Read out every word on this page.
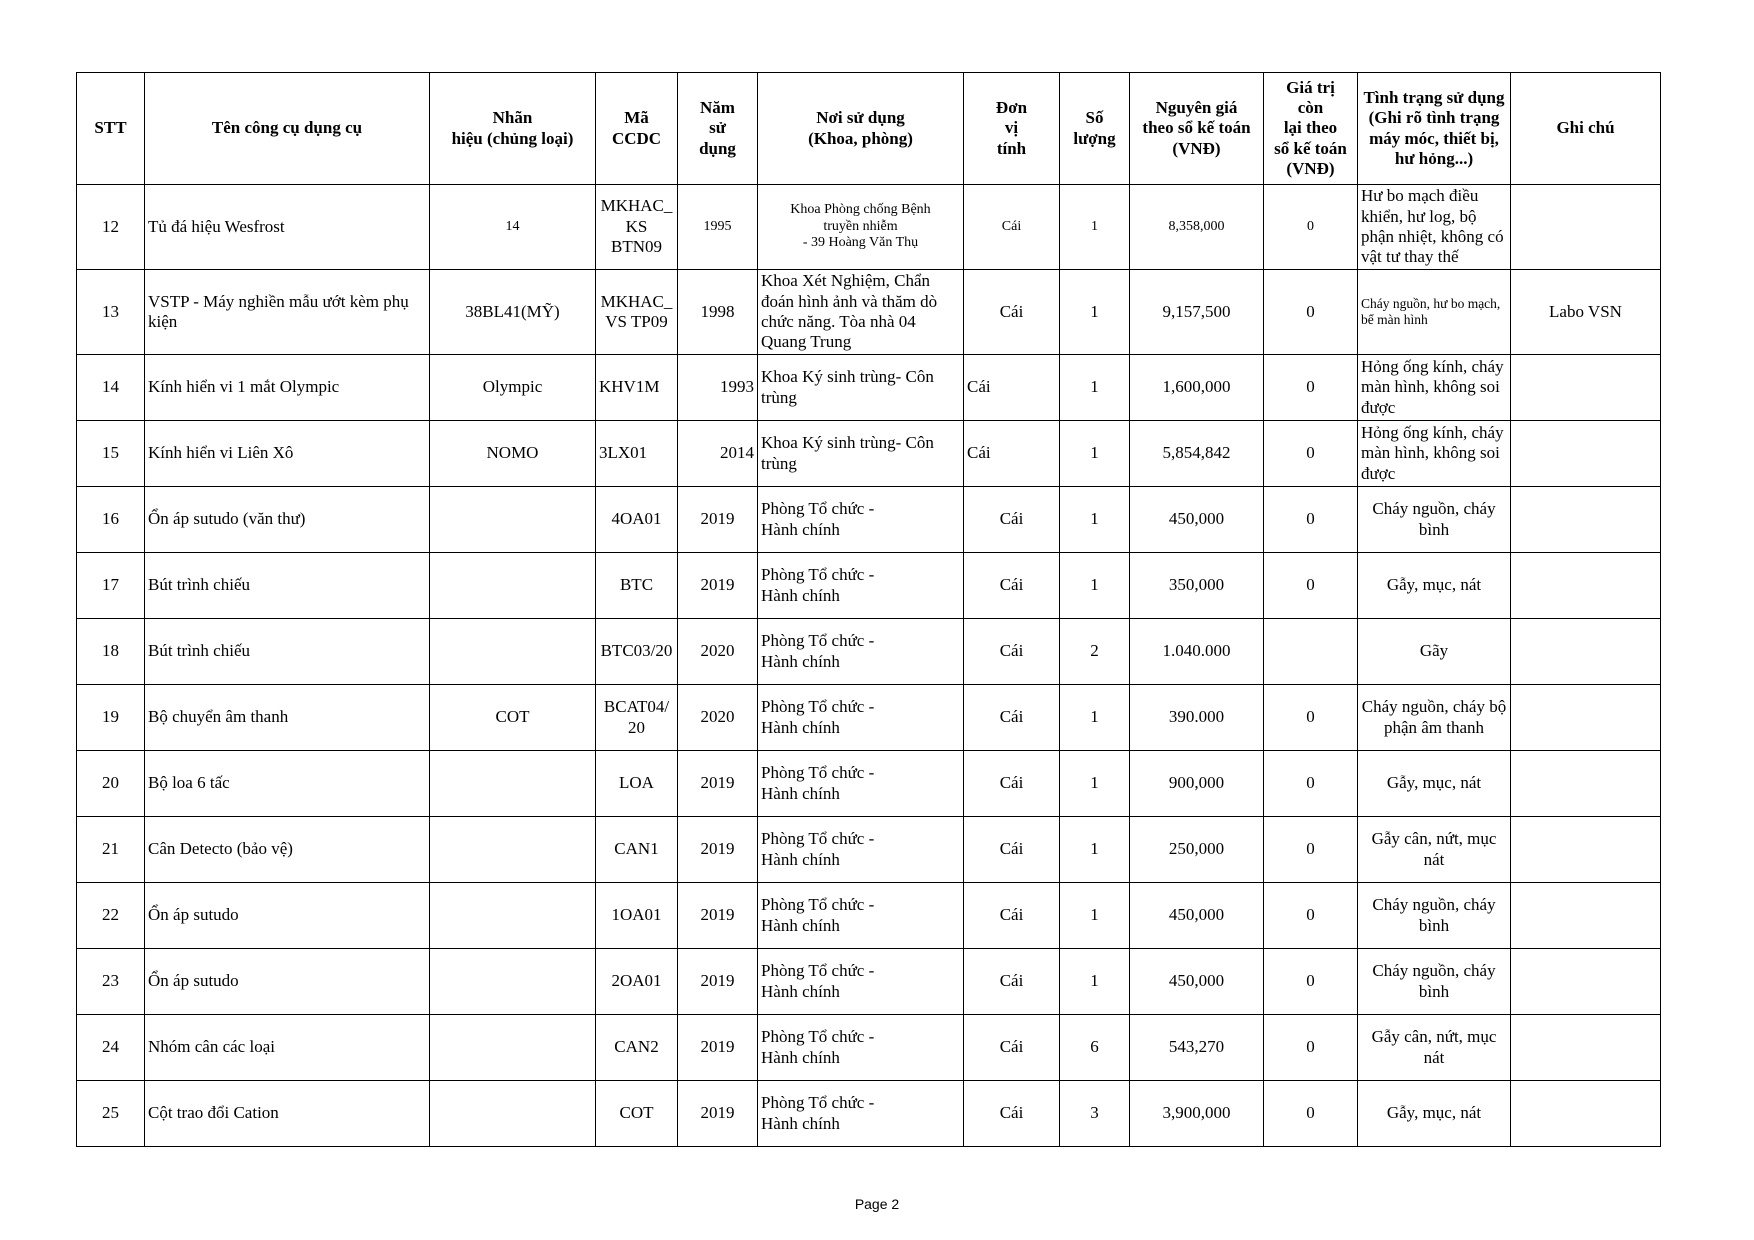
STT	Tên công cụ dụng cụ	Nhãn
hiệu (chủng loại)	Mã
CCDC	Năm
sử
dụng	Nơi sử dụng
(Khoa, phòng)	Đơn
vị
tính	Số
lượng	Nguyên giá
theo sổ kế toán
(VNĐ)	Giá trị
còn
lại theo
sổ kế toán
(VNĐ)	Tình trạng sử dụng
(Ghi rõ tình trạng
máy móc, thiết bị,
hư hỏng...)	Ghi chú
12	Tủ đá hiệu Wesfrost	14	MKHAC_
KS BTN09	1995	Khoa Phòng chống Bệnh
truyền nhiễm
- 39 Hoàng Văn Thụ	Cái	1	8,358,000	0	Hư bo mạch điều khiển, hư log, bộ phận nhiệt, không có vật tư thay thế	
13	VSTP - Máy nghiền mẫu ướt kèm phụ kiện	38BL41(MỸ)	MKHAC_
VS TP09	1998	Khoa Xét Nghiệm, Chẩn đoán hình ảnh và thăm dò chức năng. Tòa nhà 04 Quang Trung	Cái	1	9,157,500	0	Cháy nguồn, hư bo mạch, bể màn hình	Labo VSN
14	Kính hiển vi 1 mắt Olympic	Olympic	KHV1M	1993	Khoa Ký sinh trùng- Côn trùng	Cái	1	1,600,000	0	Hỏng ống kính, cháy màn hình, không soi được	
15	Kính hiển vi Liên Xô	NOMO	3LX01	2014	Khoa Ký sinh trùng- Côn trùng	Cái	1	5,854,842	0	Hỏng ống kính, cháy màn hình, không soi được	
16	Ổn áp sutudo (văn thư)		4OA01	2019	Phòng Tổ chức -
Hành chính	Cái	1	450,000	0	Cháy nguồn, cháy bình	
17	Bút trình chiếu		BTC	2019	Phòng Tổ chức -
Hành chính	Cái	1	350,000	0	Gẫy, mục, nát	
18	Bút trình chiếu		BTC03/20	2020	Phòng Tổ chức -
Hành chính	Cái	2	1.040.000		Gãy	
19	Bộ chuyển âm thanh	COT	BCAT04/
20	2020	Phòng Tổ chức -
Hành chính	Cái	1	390.000	0	Cháy nguồn, cháy bộ phận âm thanh	
20	Bộ loa 6 tấc		LOA	2019	Phòng Tổ chức -
Hành chính	Cái	1	900,000	0	Gẫy, mục, nát	
21	Cân Detecto (bảo vệ)		CAN1	2019	Phòng Tổ chức -
Hành chính	Cái	1	250,000	0	Gẫy cân, nứt, mục nát	
22	Ổn áp sutudo		1OA01	2019	Phòng Tổ chức -
Hành chính	Cái	1	450,000	0	Cháy nguồn, cháy bình	
23	Ổn áp sutudo		2OA01	2019	Phòng Tổ chức -
Hành chính	Cái	1	450,000	0	Cháy nguồn, cháy bình	
24	Nhóm cân các loại		CAN2	2019	Phòng Tổ chức -
Hành chính	Cái	6	543,270	0	Gẫy cân, nứt, mục nát	
25	Cột trao đổi Cation		COT	2019	Phòng Tổ chức -
Hành chính	Cái	3	3,900,000	0	Gẫy, mục, nát	
Page 2
